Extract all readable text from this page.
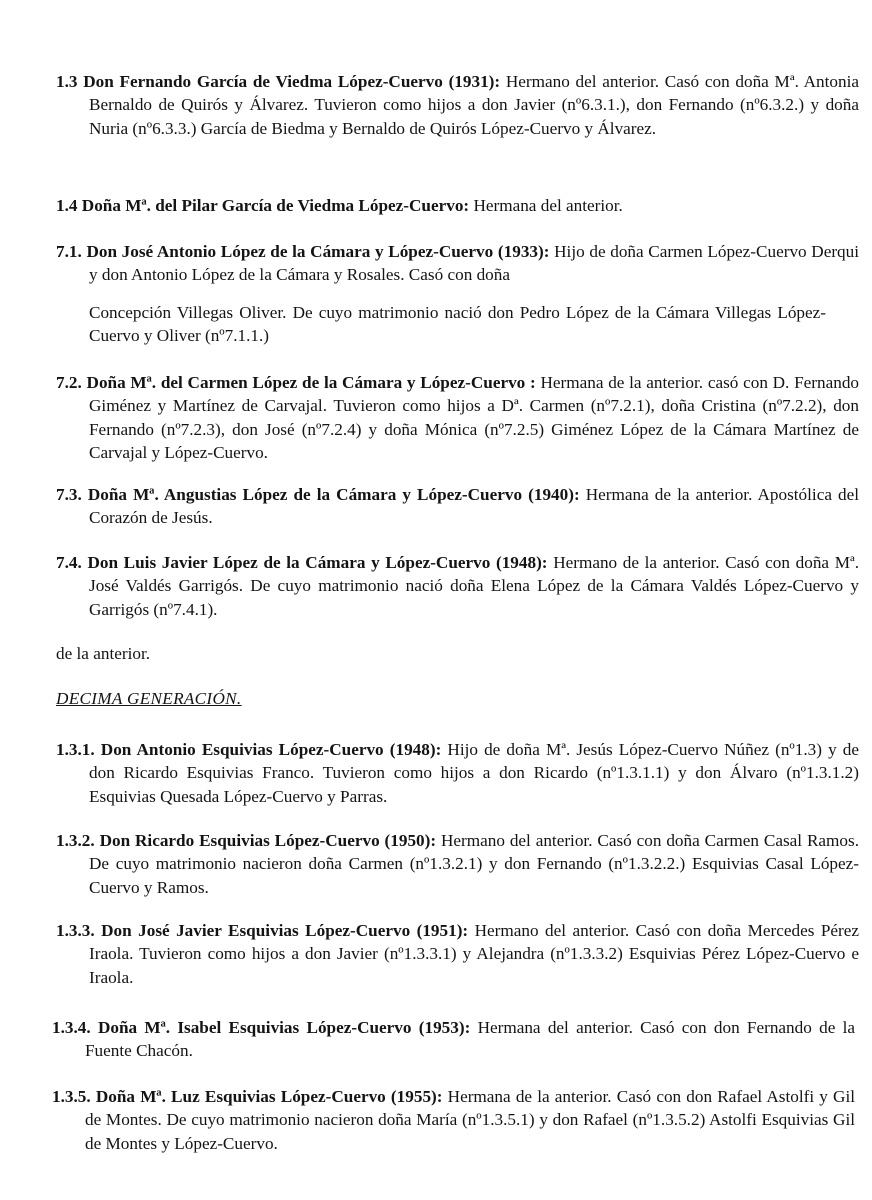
1.3 Don Fernando García de Viedma López-Cuervo (1931): Hermano del anterior. Casó con doña Mª. Antonia Bernaldo de Quirós y Álvarez. Tuvieron como hijos a don Javier (nº6.3.1.), don Fernando (nº6.3.2.) y doña Nuria (nº6.3.3.) García de Biedma y Bernaldo de Quirós López-Cuervo y Álvarez.

1.4 Doña Mª. del Pilar García de Viedma López-Cuervo: Hermana del anterior.

7.1. Don José Antonio López de la Cámara y López-Cuervo (1933): Hijo de doña Carmen López-Cuervo Derqui y don Antonio López de la Cámara y Rosales. Casó con doña

Concepción Villegas Oliver. De cuyo matrimonio nació don Pedro López de la Cámara Villegas López-Cuervo y Oliver (nº7.1.1.)

7.2. Doña Mª. del Carmen López de la Cámara y López-Cuervo : Hermana de la anterior. casó con D. Fernando Giménez y Martínez de Carvajal. Tuvieron como hijos a Dª. Carmen (nº7.2.1), doña Cristina (nº7.2.2), don Fernando (nº7.2.3), don José (nº7.2.4) y doña Mónica (nº7.2.5) Giménez López de la Cámara Martínez de Carvajal y López-Cuervo.

7.3. Doña Mª. Angustias López de la Cámara y López-Cuervo (1940): Hermana de la anterior. Apostólica del Corazón de Jesús.

7.4. Don Luis Javier López de la Cámara y López-Cuervo (1948): Hermano de la anterior. Casó con doña Mª. José Valdés Garrigós. De cuyo matrimonio nació doña Elena López de la Cámara Valdés López-Cuervo y Garrigós (nº7.4.1).

de la anterior.

DECIMA GENERACIÓN.

1.3.1. Don Antonio Esquivias López-Cuervo (1948): Hijo de doña Mª. Jesús López-Cuervo Núñez (nº1.3) y de don Ricardo Esquivias Franco. Tuvieron como hijos a don Ricardo (nº1.3.1.1) y don Álvaro (nº1.3.1.2) Esquivias Quesada López-Cuervo y Parras.

1.3.2. Don Ricardo Esquivias López-Cuervo (1950): Hermano del anterior. Casó con doña Carmen Casal Ramos. De cuyo matrimonio nacieron doña Carmen (nº1.3.2.1) y don Fernando (nº1.3.2.2.) Esquivias Casal López-Cuervo y Ramos.

1.3.3. Don José Javier Esquivias López-Cuervo (1951): Hermano del anterior. Casó con doña Mercedes Pérez Iraola. Tuvieron como hijos a don Javier (nº1.3.3.1) y Alejandra (nº1.3.3.2) Esquivias Pérez López-Cuervo e Iraola.

1.3.4. Doña Mª. Isabel Esquivias López-Cuervo (1953): Hermana del anterior. Casó con don Fernando de la Fuente Chacón.

1.3.5. Doña Mª. Luz Esquivias López-Cuervo (1955): Hermana de la anterior. Casó con don Rafael Astolfi y Gil de Montes. De cuyo matrimonio nacieron doña María (nº1.3.5.1) y don Rafael (nº1.3.5.2) Astolfi Esquivias Gil de Montes y López-Cuervo.
